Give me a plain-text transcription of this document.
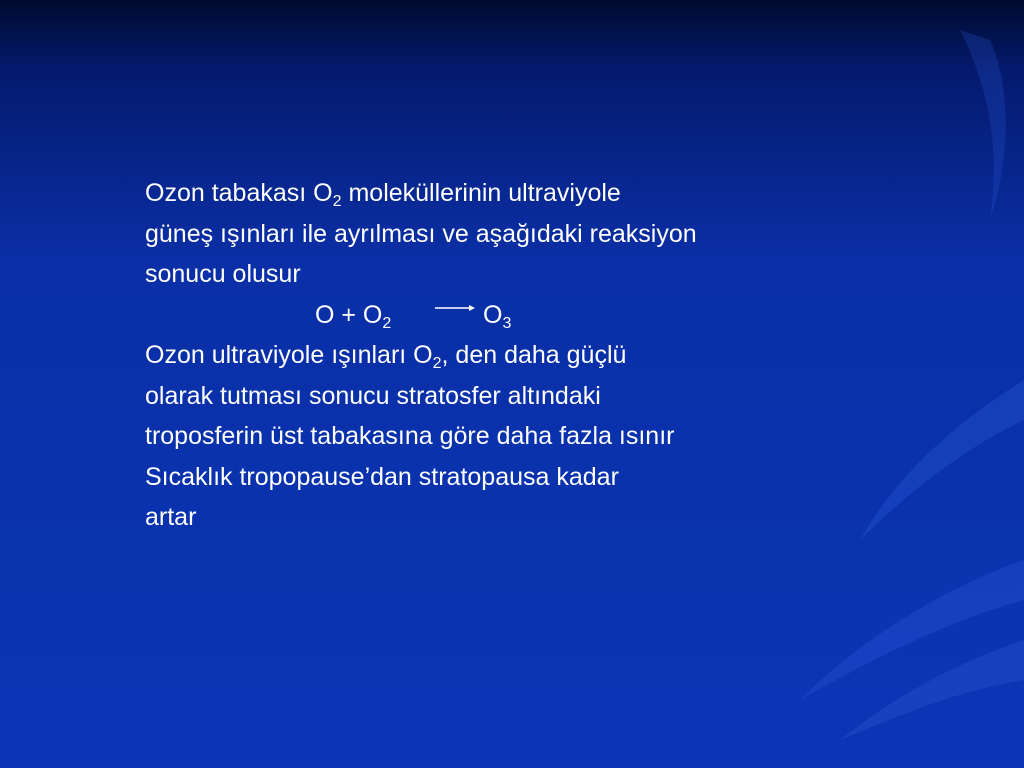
Ozon tabakası $O_2$ moleküllerinin ultraviyole
güneş ışınları ile ayrılması ve aşağıdaki reaksiyon
sonucu olusur
$O + O_2$	$O_3$
Ozon ultraviyole ışınları $O_2$, den daha güçlü
olarak tutması sonucu stratosfer altındaki
troposferin üst tabakasına göre daha fazla ısınır
Sıcaklık tropopause’dan stratopausa kadar
artar
